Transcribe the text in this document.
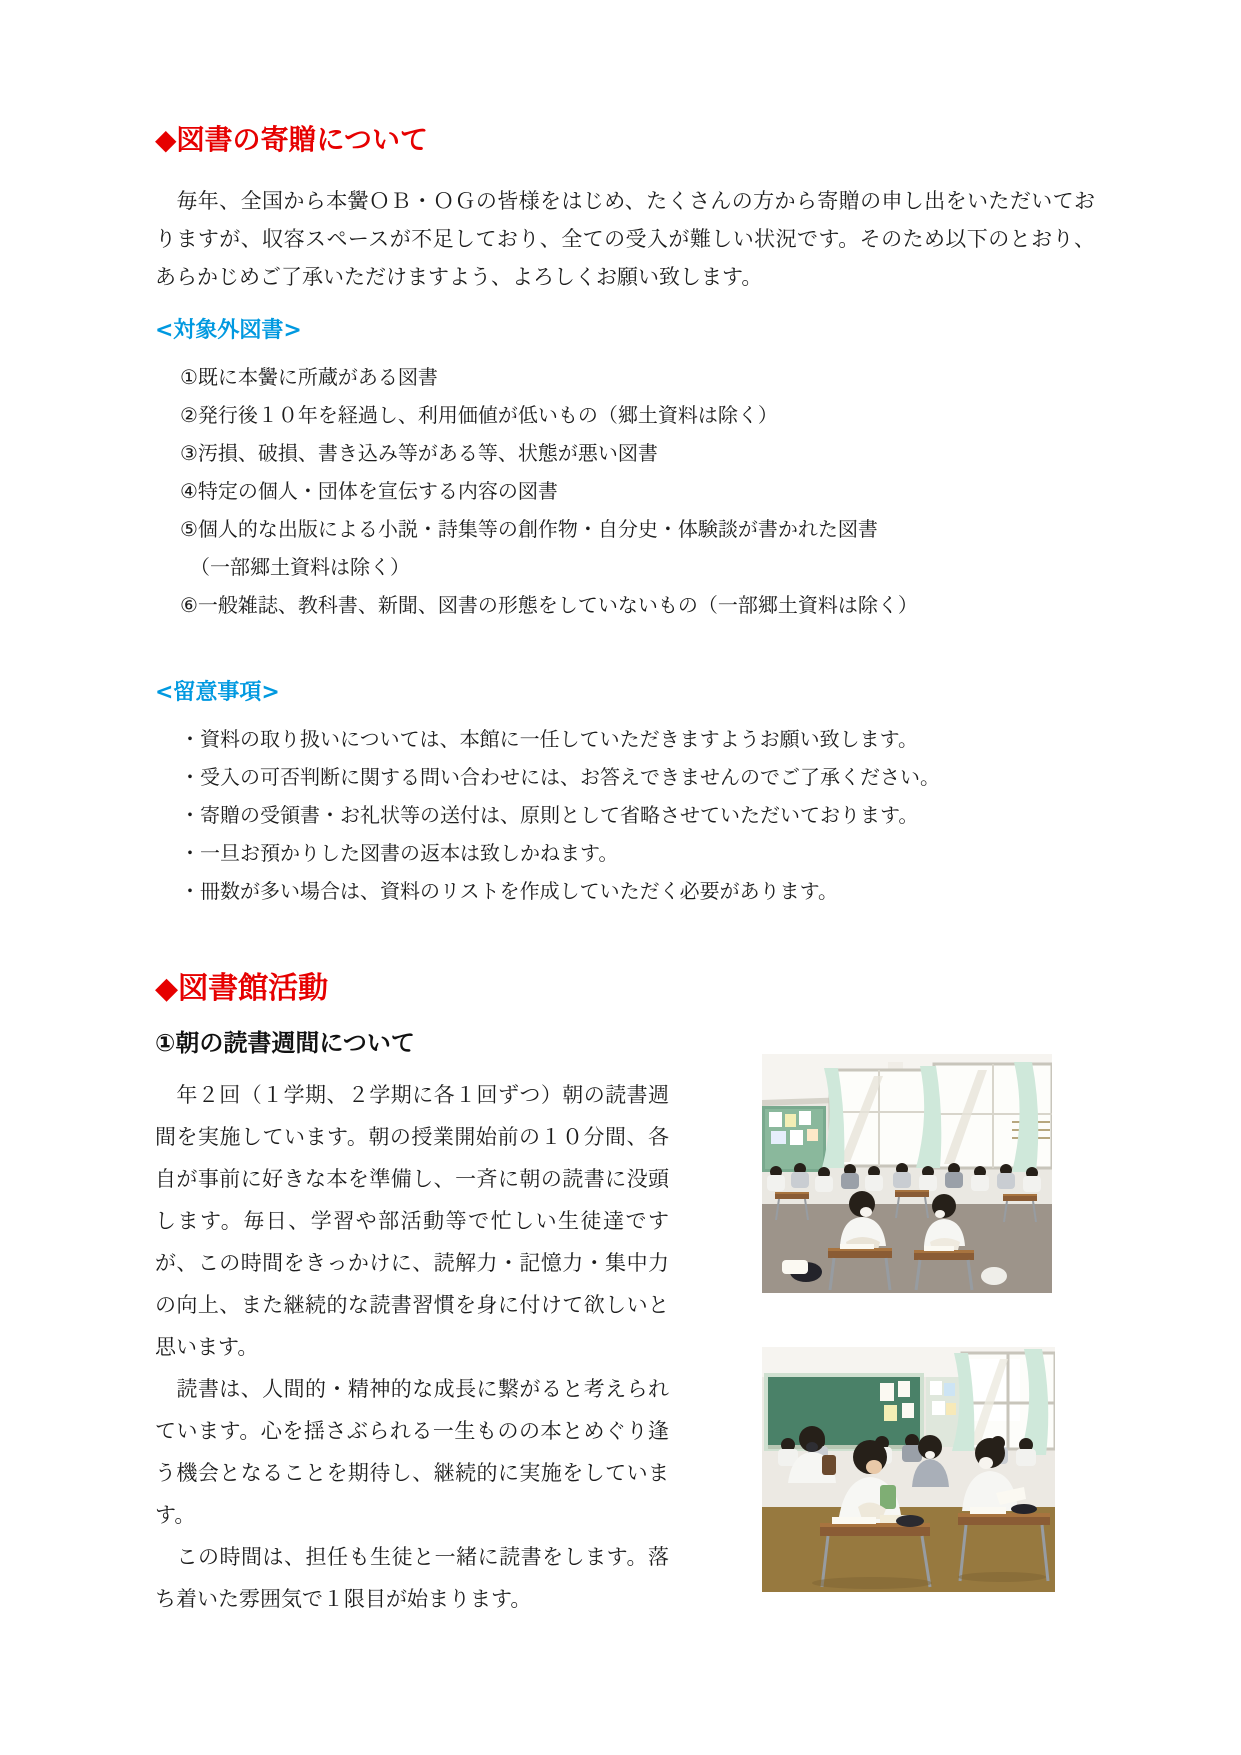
◆図書の寄贈について

　毎年、全国から本黌ＯＢ・ＯＧの皆様をはじめ、たくさんの方から寄贈の申し出をいただいておりますが、収容スペースが不足しており、全ての受入が難しい状況です。そのため以下のとおり、あらかじめご了承いただけますよう、よろしくお願い致します。

<対象外図書>
①既に本黌に所蔵がある図書
②発行後１０年を経過し、利用価値が低いもの（郷土資料は除く）
③汚損、破損、書き込み等がある等、状態が悪い図書
④特定の個人・団体を宣伝する内容の図書
⑤個人的な出版による小説・詩集等の創作物・自分史・体験談が書かれた図書
　（一部郷土資料は除く）
⑥一般雑誌、教科書、新聞、図書の形態をしていないもの（一部郷土資料は除く）
<留意事項>
・資料の取り扱いについては、本館に一任していただきますようお願い致します。
・受入の可否判断に関する問い合わせには、お答えできませんのでご了承ください。
・寄贈の受領書・お礼状等の送付は、原則として省略させていただいております。
・一旦お預かりした図書の返本は致しかねます。
・冊数が多い場合は、資料のリストを作成していただく必要があります。
◆図書館活動
①朝の読書週間について

　年２回（１学期、２学期に各１回ずつ）朝の読書週間を実施しています。朝の授業開始前の１０分間、各自が事前に好きな本を準備し、一斉に朝の読書に没頭します。毎日、学習や部活動等で忙しい生徒達ですが、この時間をきっかけに、読解力・記憶力・集中力の向上、また継続的な読書習慣を身に付けて欲しいと思います。

　読書は、人間的・精神的な成長に繋がると考えられています。心を揺さぶられる一生ものの本とめぐり逢う機会となることを期待し、継続的に実施をしています。

　この時間は、担任も生徒と一緒に読書をします。落ち着いた雰囲気で１限目が始まります。
